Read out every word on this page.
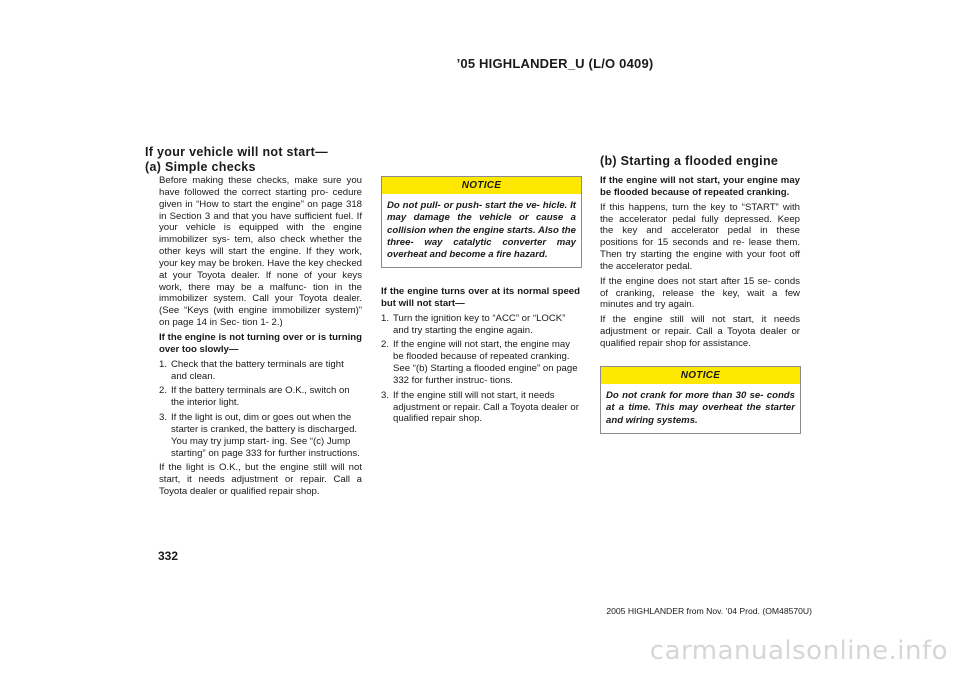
’05 HIGHLANDER_U (L/O 0409)
If your vehicle will not start—
(a) Simple checks

Before making these checks, make sure you have followed the correct starting pro- cedure given in “How to start the engine” on page 318 in Section 3 and that you have sufficient fuel. If your vehicle is equipped with the engine immobilizer sys- tem, also check whether the other keys will start the engine. If they work, your key may be broken. Have the key checked at your Toyota dealer. If none of your keys work, there may be a malfunc- tion in the immobilizer system. Call your Toyota dealer. (See “Keys (with engine immobilizer system)” on page 14 in Sec- tion 1- 2.)

If the engine is not turning over or is turning over too slowly—

1. Check that the battery terminals are tight and clean.
2. If the battery terminals are O.K., switch on the interior light.
3. If the light is out, dim or goes out when the starter is cranked, the battery is discharged. You may try jump start- ing. See “(c) Jump starting” on page 333 for further instructions.

If the light is O.K., but the engine still will not start, it needs adjustment or repair. Call a Toyota dealer or qualified repair shop.

NOTICE
Do not pull- or push- start the ve- hicle. It may damage the vehicle or cause a collision when the engine starts. Also the three- way catalytic converter may overheat and become a fire hazard.

If the engine turns over at its normal speed but will not start—

1. Turn the ignition key to “ACC” or “LOCK” and try starting the engine again.
2. If the engine will not start, the engine may be flooded because of repeated cranking. See “(b) Starting a flooded engine” on page 332 for further instruc- tions.
3. If the engine still will not start, it needs adjustment or repair. Call a Toyota dealer or qualified repair shop.
(b) Starting a flooded engine

If the engine will not start, your engine may be flooded because of repeated cranking.

If this happens, turn the key to “START” with the accelerator pedal fully depressed. Keep the key and accelerator pedal in these positions for 15 seconds and re- lease them. Then try starting the engine with your foot off the accelerator pedal.

If the engine does not start after 15 se- conds of cranking, release the key, wait a few minutes and try again.

If the engine still will not start, it needs adjustment or repair. Call a Toyota dealer or qualified repair shop for assistance.

NOTICE
Do not crank for more than 30 se- conds at a time. This may overheat the starter and wiring systems.
332
2005 HIGHLANDER from Nov. ’04 Prod. (OM48570U)
carmanualsonline.info
